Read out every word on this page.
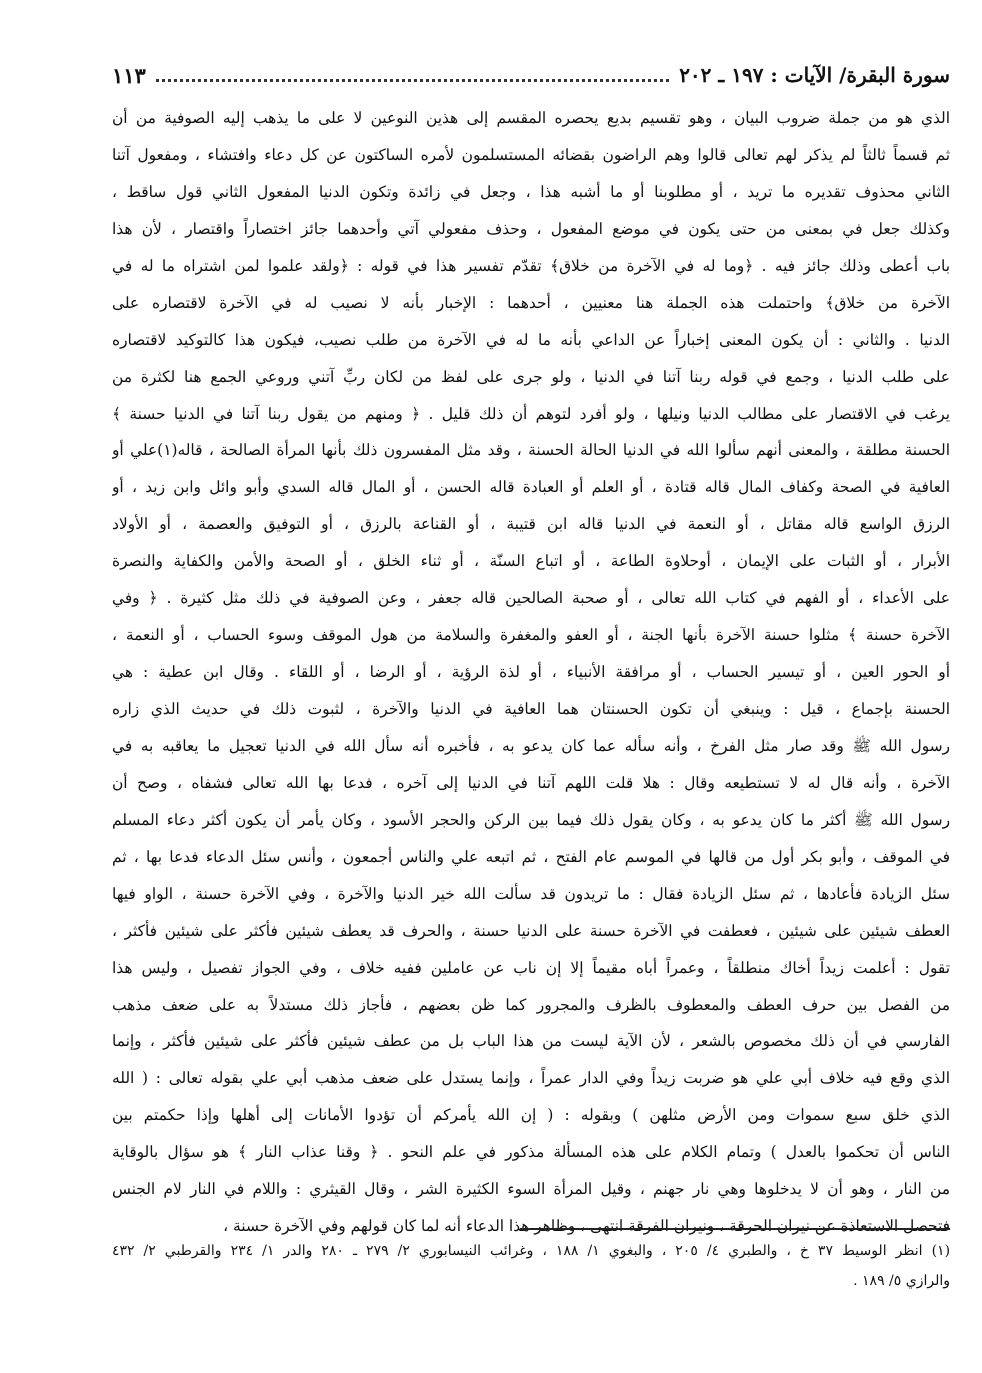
سورة البقرة/ الآيات : ١٩٧ ـ ٢٠٢
١١٣
الذي هو من جملة ضروب البيان ، وهو تقسيم بديع يحصره المقسم إلى هذين النوعين لا على ما يذهب إليه الصوفية من أن
ثم قسماً ثالثاً لم يذكر لهم تعالى قالوا وهم الراضون بقضائه المستسلمون لأمره الساكتون عن كل دعاء وافتشاء ، ومفعول آتنا
الثاني محذوف تقديره ما تريد ، أو مطلوبنا أو ما أشبه هذا ، وجعل في زائدة وتكون الدنيا المفعول الثاني قول ساقط ،
وكذلك جعل في بمعنى من حتى يكون في موضع المفعول ، وحذف مفعولي آتي وأحدهما جائز اختصاراً واقتصار ، لأن هذا
باب أعطى وذلك جائز فيه . ﴿وما له في الآخرة من خلاق﴾ تقدّم تفسير هذا في قوله : ﴿ولقد علموا لمن اشتراه ما له في
الآخرة من خلاق﴾ واحتملت هذه الجملة هنا معنيين ، أحدهما : الإخبار بأنه لا نصيب له في الآخرة لاقتصاره على
الدنيا . والثاني : أن يكون المعنى إخباراً عن الداعي بأنه ما له في الآخرة من طلب نصيب، فيكون هذا كالتوكيد لاقتصاره
على طلب الدنيا ، وجمع في قوله ربنا آتنا في الدنيا ، ولو جرى على لفظ من لكان ربِّ آتني وروعي الجمع هنا لكثرة من
يرغب في الاقتصار على مطالب الدنيا ونيلها ، ولو أفرد لتوهم أن ذلك قليل . ﴿ ومنهم من يقول ربنا آتنا في الدنيا حسنة ﴾
الحسنة مطلقة ، والمعنى أنهم سألوا الله في الدنيا الحالة الحسنة ، وقد مثل المفسرون ذلك بأنها المرأة الصالحة ، قاله(١)علي أو
العافية في الصحة وكفاف المال قاله قتادة ، أو العلم أو العبادة قاله الحسن ، أو المال قاله السدي وأبو وائل وابن زيد ، أو
الرزق الواسع قاله مقاتل ، أو النعمة في الدنيا قاله ابن قتيبة ، أو القناعة بالرزق ، أو التوفيق والعصمة ، أو الأولاد
الأبرار ، أو الثبات على الإيمان ، أوحلاوة الطاعة ، أو اتباع السنّة ، أو ثناء الخلق ، أو الصحة والأمن والكفاية والنصرة
على الأعداء ، أو الفهم في كتاب الله تعالى ، أو صحبة الصالحين قاله جعفر ، وعن الصوفية في ذلك مثل كثيرة . ﴿ وفي
الآخرة حسنة ﴾ مثلوا حسنة الآخرة بأنها الجنة ، أو العفو والمغفرة والسلامة من هول الموقف وسوء الحساب ، أو النعمة ،
أو الحور العين ، أو تيسير الحساب ، أو مرافقة الأنبياء ، أو لذة الرؤية ، أو الرضا ، أو اللقاء . وقال ابن عطية : هي
الحسنة بإجماع ، قيل : وينبغي أن تكون الحسنتان هما العافية في الدنيا والآخرة ، لثبوت ذلك في حديث الذي زاره
رسول الله ﷺ وقد صار مثل الفرخ ، وأنه سأله عما كان يدعو به ، فأخبره أنه سأل الله في الدنيا تعجيل ما يعاقبه به في
الآخرة ، وأنه قال له لا تستطيعه وقال : هلا قلت اللهم آتنا في الدنيا إلى آخره ، فدعا بها الله تعالى فشفاه ، وصح أن
رسول الله ﷺ أكثر ما كان يدعو به ، وكان يقول ذلك فيما بين الركن والحجر الأسود ، وكان يأمر أن يكون أكثر دعاء المسلم
في الموقف ، وأبو بكر أول من قالها في الموسم عام الفتح ، ثم اتبعه علي والناس أجمعون ، وأنس سئل الدعاء فدعا بها ، ثم
سئل الزيادة فأعادها ، ثم سئل الزيادة فقال : ما تريدون قد سألت الله خير الدنيا والآخرة ، وفي الآخرة حسنة ، الواو فيها
العطف شيئين على شيئين ، فعطفت في الآخرة حسنة على الدنيا حسنة ، والحرف قد يعطف شيئين فأكثر على شيئين فأكثر ،
تقول : أعلمت زيداً أخاك منطلقاً ، وعمراً أباه مقيماً إلا إن ناب عن عاملين ففيه خلاف ، وفي الجواز تفصيل ، وليس هذا
من الفصل بين حرف العطف والمعطوف بالظرف والمجرور كما ظن بعضهم ، فأجاز ذلك مستدلاً به على ضعف مذهب
الفارسي في أن ذلك مخصوص بالشعر ، لأن الآية ليست من هذا الباب بل من عطف شيئين فأكثر على شيئين فأكثر ، وإنما
الذي وقع فيه خلاف أبي علي هو ضربت زيداً وفي الدار عمراً ، وإنما يستدل على ضعف مذهب أبي علي بقوله تعالى : ( الله
الذي خلق سبع سموات ومن الأرض مثلهن ) وبقوله : ( إن الله يأمركم أن تؤدوا الأمانات إلى أهلها وإذا حكمتم بين
الناس أن تحكموا بالعدل ) وتمام الكلام على هذه المسألة مذكور في علم النحو . ﴿ وقنا عذاب النار ﴾ هو سؤال بالوقاية
من النار ، وهو أن لا يدخلوها وهي نار جهنم ، وقيل المرأة السوء الكثيرة الشر ، وقال القيثري : واللام في النار لام الجنس
فتحصل الاستعاذة عن نيران الحرقة ، ونيران الفرقة انتهى ، وظاهر هذا الدعاء أنه لما كان قولهم وفي الآخرة حسنة ،
(١) انظر الوسيط ٣٧ خ ، والطبري ٤/ ٢٠٥ ، والبغوي ١/ ١٨٨ ، وغرائب النيسابوري ٢/ ٢٧٩ ـ ٢٨٠ والدر ١/ ٢٣٤ والقرطبي ٢/ ٤٣٢
والرازي ٥/ ١٨٩ .
